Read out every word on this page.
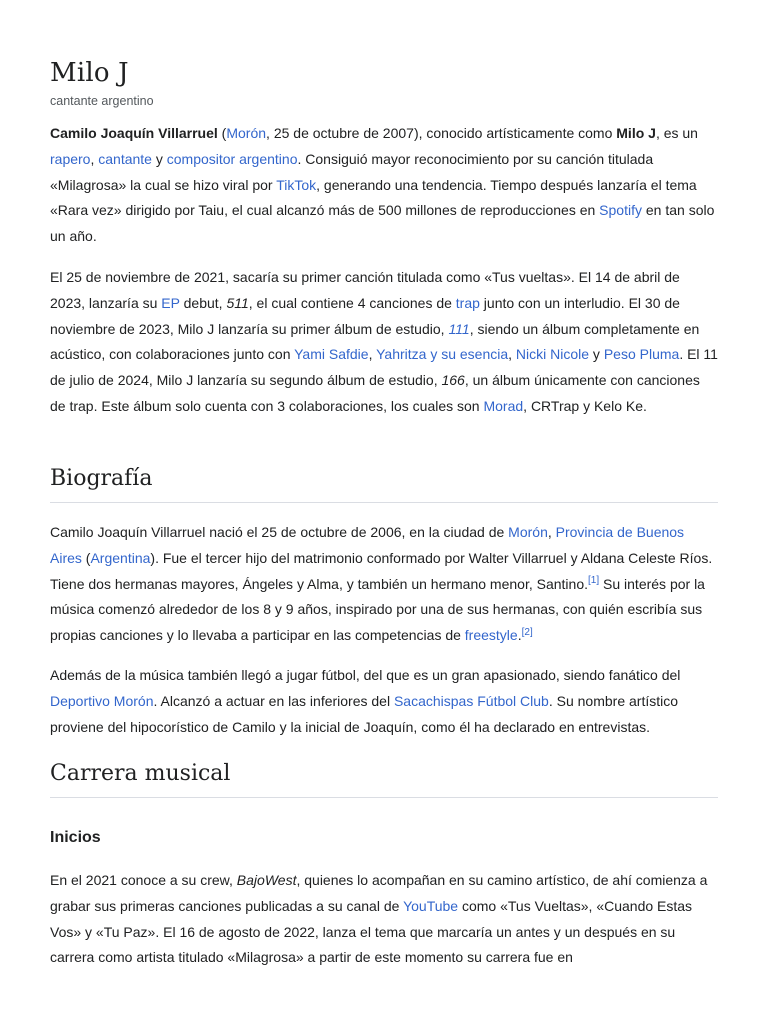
Milo J
cantante argentino

Camilo Joaquín Villarruel (Morón, 25 de octubre de 2007), conocido artísticamente como Milo J, es un rapero, cantante y compositor argentino. Consiguió mayor reconocimiento por su canción titulada «Milagrosa» la cual se hizo viral por TikTok, generando una tendencia. Tiempo después lanzaría el tema «Rara vez» dirigido por Taiu, el cual alcanzó más de 500 millones de reproducciones en Spotify en tan solo un año.

El 25 de noviembre de 2021, sacaría su primer canción titulada como «Tus vueltas». El 14 de abril de 2023, lanzaría su EP debut, 511, el cual contiene 4 canciones de trap junto con un interludio. El 30 de noviembre de 2023, Milo J lanzaría su primer álbum de estudio, 111, siendo un álbum completamente en acústico, con colaboraciones junto con Yami Safdie, Yahritza y su esencia, Nicki Nicole y Peso Pluma. El 11 de julio de 2024, Milo J lanzaría su segundo álbum de estudio, 166, un álbum únicamente con canciones de trap. Este álbum solo cuenta con 3 colaboraciones, los cuales son Morad, CRTrap y Kelo Ke.

Biografía

Camilo Joaquín Villarruel nació el 25 de octubre de 2006, en la ciudad de Morón, Provincia de Buenos Aires (Argentina). Fue el tercer hijo del matrimonio conformado por Walter Villarruel y Aldana Celeste Ríos. Tiene dos hermanas mayores, Ángeles y Alma, y también un hermano menor, Santino.[1] Su interés por la música comenzó alrededor de los 8 y 9 años, inspirado por una de sus hermanas, con quién escribía sus propias canciones y lo llevaba a participar en las competencias de freestyle.[2]

Además de la música también llegó a jugar fútbol, del que es un gran apasionado, siendo fanático del Deportivo Morón. Alcanzó a actuar en las inferiores del Sacachispas Fútbol Club. Su nombre artístico proviene del hipocorístico de Camilo y la inicial de Joaquín, como él ha declarado en entrevistas.

Carrera musical
Inicios

En el 2021 conoce a su crew, BajoWest, quienes lo acompañan en su camino artístico, de ahí comienza a grabar sus primeras canciones publicadas a su canal de YouTube como «Tus Vueltas», «Cuando Estas Vos» y «Tu Paz». El 16 de agosto de 2022, lanza el tema que marcaría un antes y un después en su carrera como artista titulado «Milagrosa» a partir de este momento su carrera fue en
